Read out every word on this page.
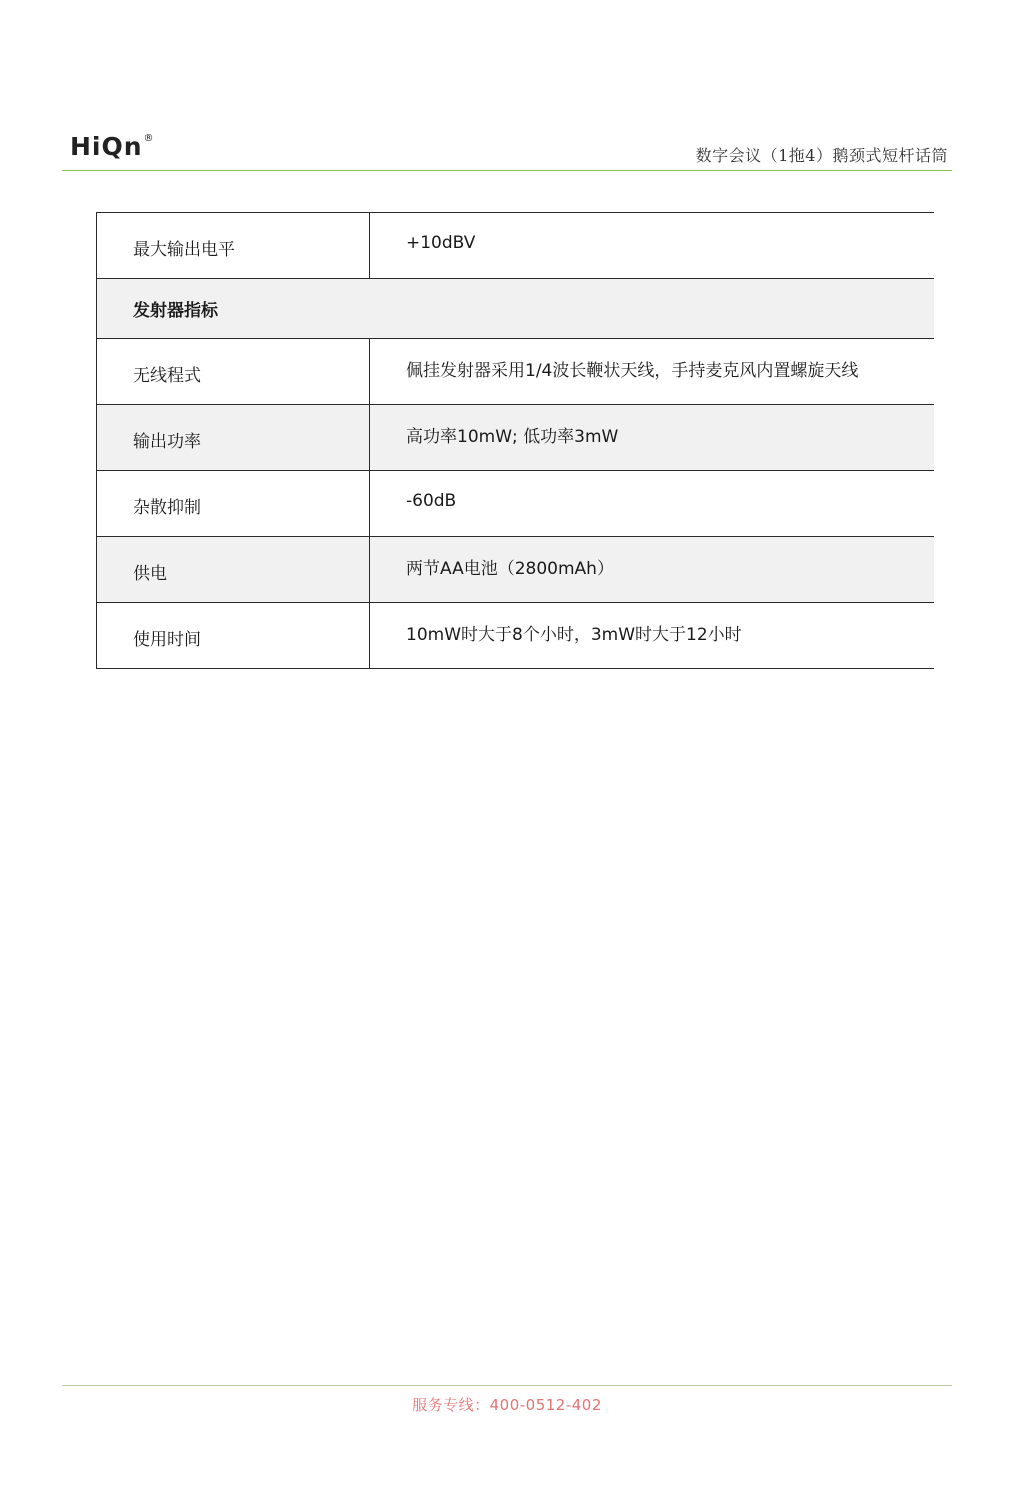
HiQn ®
数字会议（1拖4）鹅颈式短杆话筒
最大输出电平	+10dBV
发射器指标	
无线程式	佩挂发射器采用1/4波长鞭状天线，手持麦克风内置螺旋天线
输出功率	高功率10mW; 低功率3mW
杂散抑制	-60dB
供电	两节AA电池（2800mAh）
使用时间	10mW时大于8个小时，3mW时大于12小时
服务专线：400-0512-402
